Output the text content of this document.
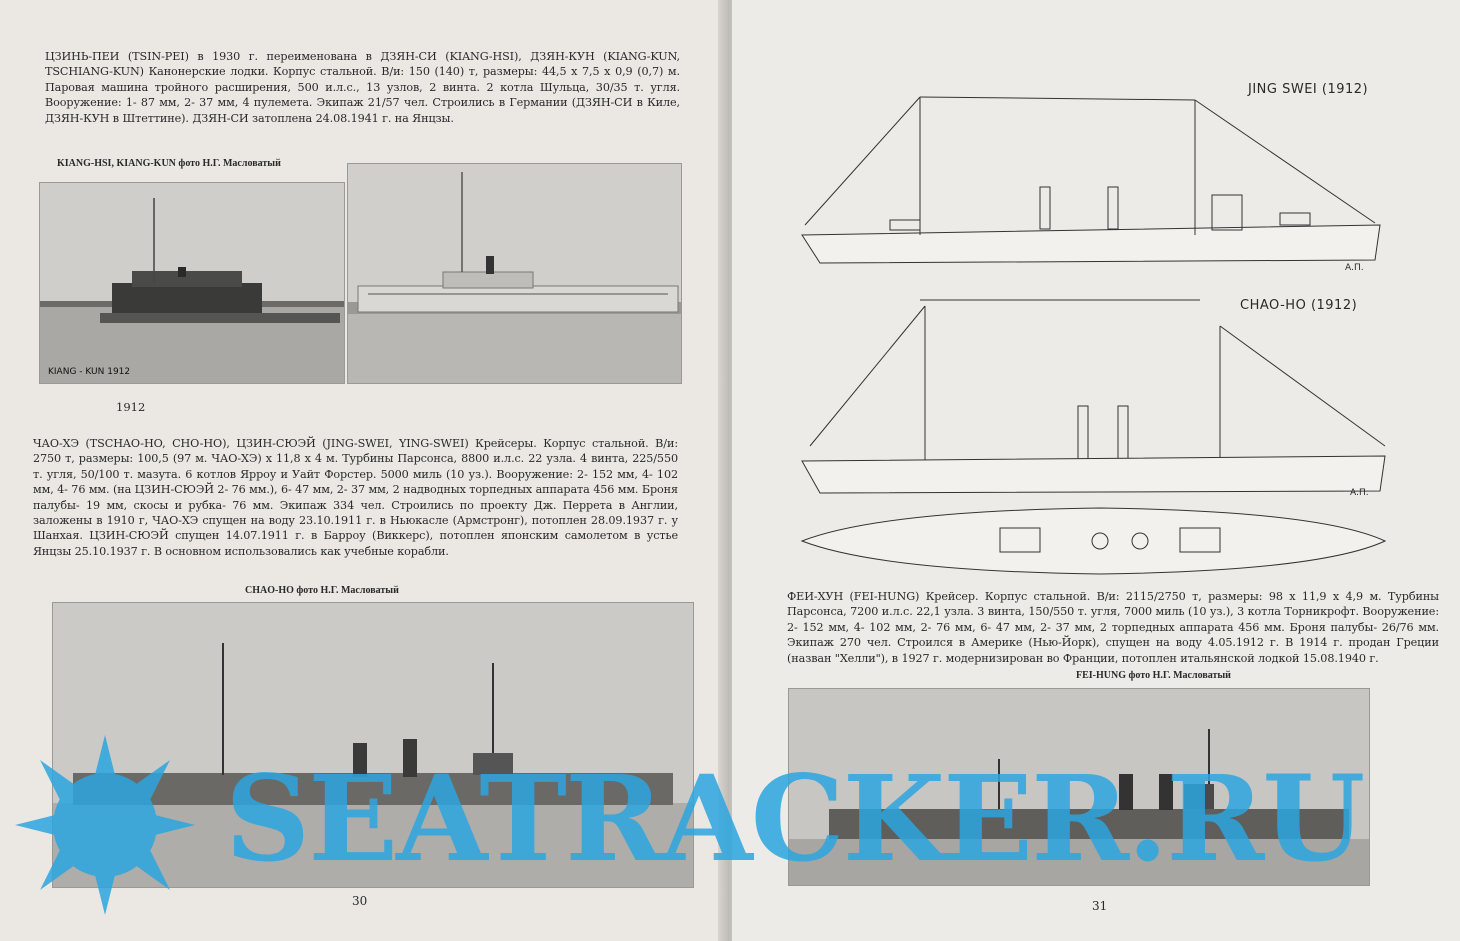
ЦЗИНЬ-ПЕИ (TSIN-PEI) в 1930 г. переименована в ДЗЯН-СИ (KIANG-HSI), ДЗЯН-КУН (KIANG-KUN, TSCHIANG-KUN) Канонерские лодки. Корпус стальной. В/и: 150 (140) т, размеры: 44,5 х 7,5 х 0,9 (0,7) м. Паровая машина тройного расширения, 500 и.л.с., 13 узлов, 2 винта. 2 котла Шульца, 30/35 т. угля. Вооружение: 1- 87 мм, 2- 37 мм, 4 пулемета. Экипаж 21/57 чел. Строились в Германии (ДЗЯН-СИ в Киле, ДЗЯН-КУН в Штеттине). ДЗЯН-СИ затоплена 24.08.1941 г. на Янцзы.
KIANG-HSI, KIANG-KUN фото Н.Г. Масловатый
KIANG - KUN 1912
1912
ЧАО-ХЭ (TSCHAO-HO, CHO-HO), ЦЗИН-СЮЭЙ (JING-SWEI, YING-SWEI) Крейсеры. Корпус стальной. В/и: 2750 т, размеры: 100,5 (97 м. ЧАО-ХЭ) х 11,8 х 4 м. Турбины Парсонса, 8800 и.л.с. 22 узла. 4 винта, 225/550 т. угля, 50/100 т. мазута. 6 котлов Ярроу и Уайт Форстер. 5000 миль (10 уз.). Вооружение: 2- 152 мм, 4- 102 мм, 4- 76 мм. (на ЦЗИН-СЮЭЙ 2- 76 мм.), 6- 47 мм, 2- 37 мм, 2 надводных торпедных аппарата 456 мм. Броня палубы- 19 мм, скосы и рубка- 76 мм. Экипаж 334 чел. Строились по проекту Дж. Перрета в Англии, заложены в 1910 г, ЧАО-ХЭ спущен на воду 23.10.1911 г. в Ньюкасле (Армстронг), потоплен 28.09.1937 г. у Шанхая. ЦЗИН-СЮЭЙ спущен 14.07.1911 г. в Барроу (Виккерс), потоплен японским самолетом в устье Янцзы 25.10.1937 г. В основном использовались как учебные корабли.
CHAO-HO фото Н.Г. Масловатый
30
JING SWEI (1912)
А.П.
CHAO-HO (1912)
А.П.
ФЕИ-ХУН (FEI-HUNG) Крейсер. Корпус стальной. В/и: 2115/2750 т, размеры: 98 х 11,9 х 4,9 м. Турбины Парсонса, 7200 и.л.с. 22,1 узла. 3 винта, 150/550 т. угля, 7000 миль (10 уз.), 3 котла Торникрофт. Вооружение: 2- 152 мм, 4- 102 мм, 2- 76 мм, 6- 47 мм, 2- 37 мм, 2 торпедных аппарата 456 мм. Броня палубы- 26/76 мм. Экипаж 270 чел. Строился в Америке (Нью-Йорк), спущен на воду 4.05.1912 г. В 1914 г. продан Греции (назван "Хелли"), в 1927 г. модернизирован во Франции, потоплен итальянской лодкой 15.08.1940 г.
FEI-HUNG фото Н.Г. Масловатый
31
SEATRACKER.RU
